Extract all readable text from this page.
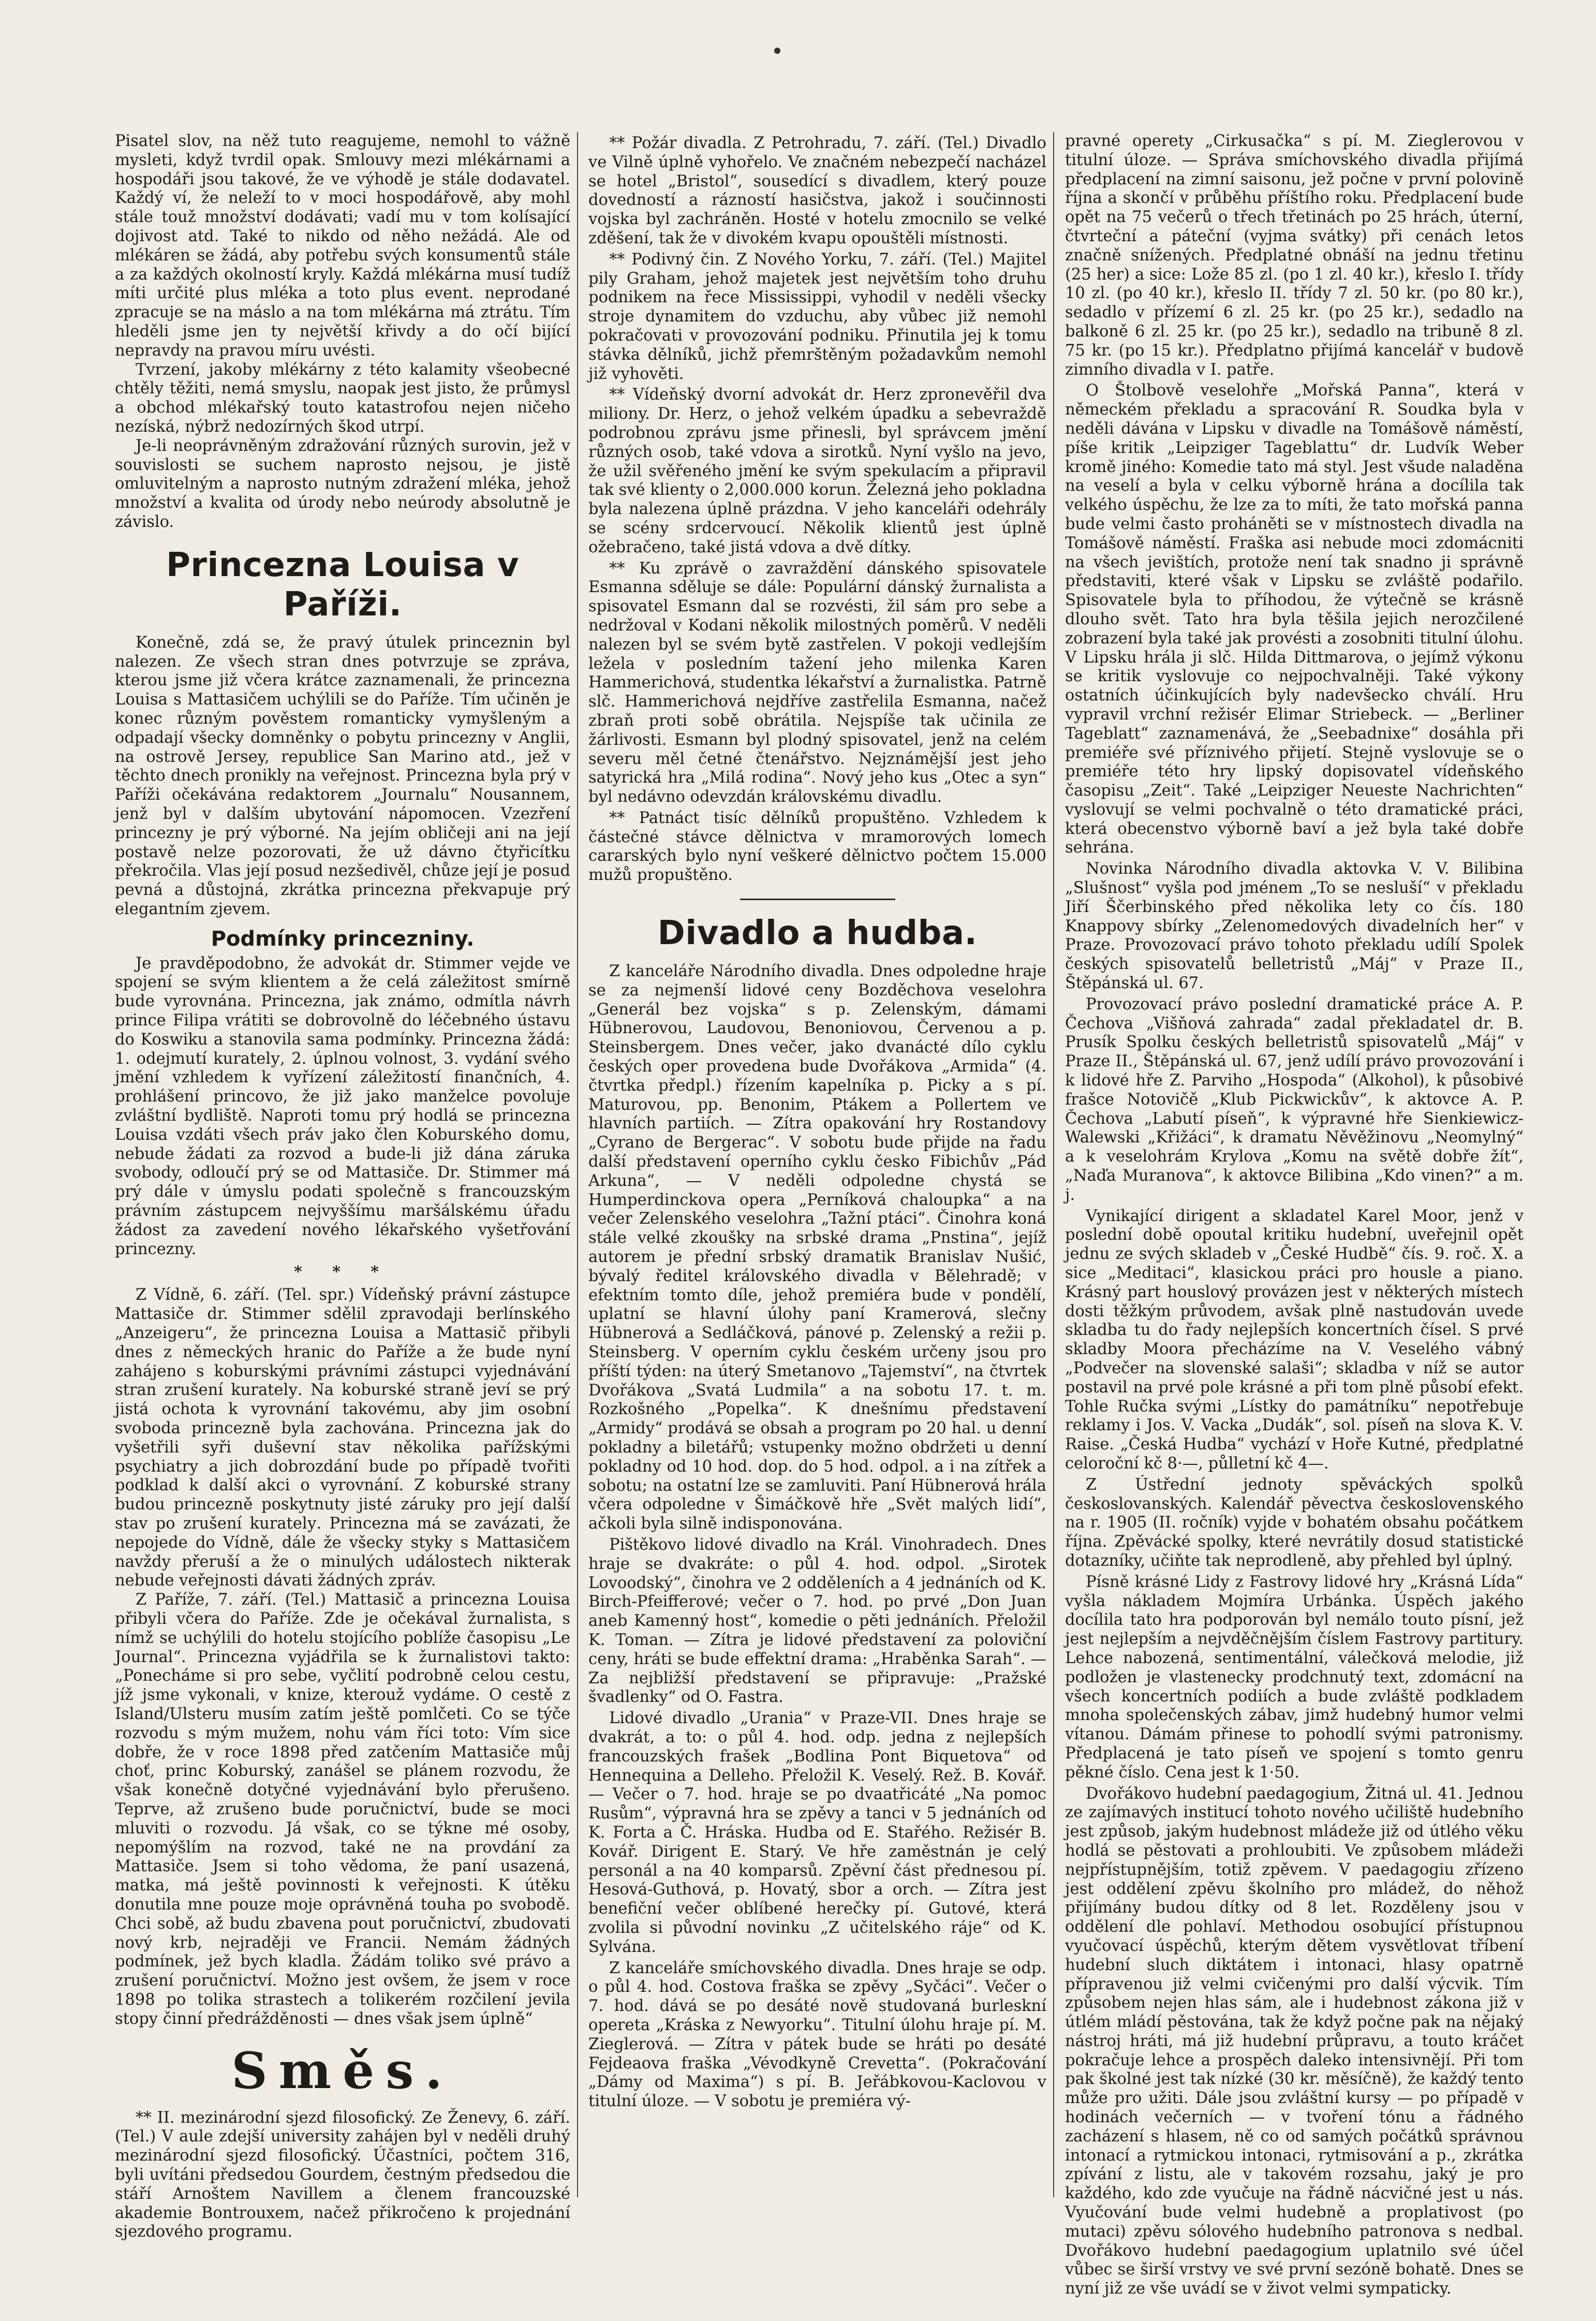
Pisatel slov, na něž tuto reagujeme, nemohl to vážně mysleti, když tvrdil opak. Smlouvy mezi mlékárnami a hospodáři jsou takové, že ve výhodě je stále dodavatel. Každý ví, že neleží to v moci hospodářově, aby mohl stále touž množství dodávati; vadí mu v tom kolísající dojivost atd. Také to nikdo od něho nežádá. Ale od mlékáren se žádá, aby potřebu svých konsumentů stále a za každých okolností kryly. Každá mlékárna musí tudíž míti určité plus mléka a toto plus event. neprodané zpracuje se na máslo a na tom mlékárna má ztrátu. Tím hleděli jsme jen ty největší křivdy a do očí bijící nepravdy na pravou míru uvésti.

Tvrzení, jakoby mlékárny z této kalamity všeobecné chtěly těžiti, nemá smyslu, naopak jest jisto, že průmysl a obchod mlékařský touto katastrofou nejen ničeho nezíská, nýbrž nedozírných škod utrpí.

Je-li neoprávněným zdražování různých surovin, jež v souvislosti se suchem naprosto nejsou, je jistě omluvitelným a naprosto nutným zdražení mléka, jehož množství a kvalita od úrody nebo neúrody absolutně je závislo.

Princezna Louisa v Paříži.

Konečně, zdá se, že pravý útulek princeznin byl nalezen. Ze všech stran dnes potvrzuje se zpráva, kterou jsme již včera krátce zaznamenali, že princezna Louisa s Mattasičem uchýlili se do Paříže. Tím učiněn je konec různým pověstem romanticky vymyšleným a odpadají všecky domněnky o pobytu princezny v Anglii, na ostrově Jersey, republice San Marino atd., jež v těchto dnech pronikly na veřejnost. Princezna byla prý v Paříži očekávána redaktorem „Journalu“ Nousannem, jenž byl v dalším ubytování nápomocen. Vzezření princezny je prý výborné. Na jejím obličeji ani na její postavě nelze pozorovati, že už dávno čtyřicítku překročila. Vlas její posud nezšedivěl, chůze její je posud pevná a důstojná, zkrátka princezna překvapuje prý elegantním zjevem.

Podmínky princezniny.

Je pravděpodobno, že advokát dr. Stimmer vejde ve spojení se svým klientem a že celá záležitost smírně bude vyrovnána. Princezna, jak známo, odmítla návrh prince Filipa vrátiti se dobrovolně do léčebného ústavu do Koswiku a stanovila sama podmínky. Princezna žádá: 1. odejmutí kuratelу, 2. úplnou volnost, 3. vydání svého jmění vzhledem k vyřízení záležitostí finančních, 4. prohlášení princovo, že již jako manželce povoluje zvláštní bydliště. Naproti tomu prý hodlá se princezna Louisa vzdáti všech práv jako člen Koburského domu, nebude žádati za rozvod a bude-li již dána záruka svobody, odloučí prý se od Mattasiče. Dr. Stimmer má prý dále v úmyslu podati společně s francouzským právním zástupcem nejvyššímu maršálskému úřadu žádost za zavedení nového lékařského vyšetřování princezny.

* * *

Z Vídně, 6. září. (Tel. spr.) Vídeňský právní zástupce Mattasiče dr. Stimmer sdělil zpravodaji berlínského „Anzeigeru“, že princezna Louisa a Mattasič přibyli dnes z německých hranic do Paříže a že bude nyní zahájeno s koburskými právními zástupci vyjednávání stran zrušení kuratelу. Na koburské straně jeví se prý jistá ochota k vyrovnání takovému, aby jim osobní svoboda princezně byla zachována. Princezna jak do vyšetřili syři duševní stav několika pařížskými psychiatry a jich dobrozdání bude po případě tvořiti podklad k další akci o vyrovnání. Z koburské strany budou princezně poskytnuty jisté záruky pro její další stav po zrušení kuratelу. Princezna má se zavázati, že nepojede do Vídně, dále že všecky styky s Mattasičem navždy přeruší a že o minulých událostech nikterak nebude veřejnosti dávati žádných zpráv.

Z Paříže, 7. září. (Tel.) Mattasič a princezna Louisa přibyli včera do Paříže. Zde je očekával žurnalista, s nímž se uchýlili do hotelu stojícího poblíže časopisu „Le Journal“. Princezna vyjádřila se k žurnalistovi takto: „Ponecháme si pro sebe, vyčlití podrobně celou cestu, jíž jsme vykonali, v knize, kterouž vydáme. O cestě z Island/Ulsteru musím zatím ještě pomlčeti. Co se týče rozvodu s mým mužem, nohu vám říci toto: Vím sice dobře, že v roce 1898 před zatčením Mattasiče můj choť, princ Koburský, zanášel se plánem rozvodu, že však konečně dotyčné vyjednávání bylo přerušeno. Teprve, až zrušeno bude poručnictví, bude se moci mluviti o rozvodu. Já však, co se týkne mé osoby, nepomýšlím na rozvod, také ne na provdání za Mattasiče. Jsem si toho vědoma, že paní usazená, matka, má ještě povinnosti k veřejnosti. K útěku donutila mne pouze moje oprávněná touha po svobodě. Chci sobě, až budu zbavena pout poručnictví, zbudovati nový krb, nejraději ve Francii. Nemám žádných podmínek, jež bych kladla. Žádám toliko své právo a zrušení poručnictví. Možno jest ovšem, že jsem v roce 1898 po tolika strastech a tolikerém rozčilení jevila stopy činní předrážděnosti — dnes však jsem úplně“

Směs.

** II. mezinárodní sjezd filosofický. Ze Ženevy, 6. září. (Tel.) V aule zdejší university zahájen byl v neděli druhý mezinárodní sjezd filosofický. Účastníci, počtem 316, byli uvítáni předsedou Gourdem, čestným předsedou die stáří Arnoštem Navillem a členem francouzské akademie Bontrouxem, načež přikročeno k projednání sjezdového programu.

** Požár divadla. Z Petrohradu, 7. září. (Tel.) Divadlo ve Vilně úplně vyhořelo. Ve značném nebezpečí nacházel se hotel „Bristol“, sousedící s divadlem, který pouze dovedností a rázností hasičstva, jakož i součinnosti vojska byl zachráněn. Hosté v hotelu zmocnilo se velké zděšení, tak že v divokém kvapu opouštěli místnosti.

** Podivný čin. Z Nového Yorku, 7. září. (Tel.) Majitel pily Graham, jehož majetek jest největším toho druhu podnikem na řece Mississippi, vyhodil v neděli všecky stroje dynamitem do vzduchu, aby vůbec již nemohl pokračovati v provozování podniku. Přinutila jej k tomu stávka dělníků, jichž přemrštěným požadavkům nemohl již vyhověti.

** Vídeňský dvorní advokát dr. Herz zpronevěřil dva miliony. Dr. Herz, o jehož velkém úpadku a sebevraždě podrobnou zprávu jsme přinesli, byl správcem jmění různých osob, také vdova a sirotků. Nyní vyšlo na jevo, že užil svěřeného jmění ke svým spekulacím a připravil tak své klienty o 2,000.000 korun. Železná jeho pokladna byla nalezena úplně prázdna. V jeho kanceláři odehrály se scény srdcervoucí. Několik klientů jest úplně ožebračeno, také jistá vdova a dvě dítky.

** Ku zprávě o zavraždění dánského spisovatele Esmanna sděluje se dále: Populární dánský žurnalista a spisovatel Esmann dal se rozvésti, žil sám pro sebe a nedržoval v Kodani několik milostných poměrů. V neděli nalezen byl se svém bytě zastřelen. V pokoji vedlejším ležela v posledním tažení jeho milenka Karen Hammerichová, studentka lékařství a žurnalistka. Patrně slč. Hammerichová nejdříve zastřelila Esmanna, načež zbraň proti sobě obrátila. Nejspíše tak učinila ze žárlivosti. Esmann byl plodný spisovatel, jenž na celém severu měl četné čtenářstvo. Nejznámější jest jeho satyrická hra „Milá rodina“. Nový jeho kus „Otec a syn“ byl nedávno odevzdán královskému divadlu.

** Patnáct tisíc dělníků propuštěno. Vzhledem k částečné stávce dělnictva v mramorových lomech cararských bylo nyní veškeré dělnictvo počtem 15.000 mužů propuštěno.

Divadlo a hudba.

Z kanceláře Národního divadla. Dnes odpoledne hraje se za nejmenší lidové ceny Bozděchova veselohra „Generál bez vojska“ s p. Zelenským, dámami Hübnerovou, Laudovou, Benoniovou, Červenou a p. Steinsbergem. Dnes večer, jako dvanácté dílo cyklu českých oper provedena bude Dvořákova „Armida“ (4. čtvrtka předpl.) řízením kapelníka p. Picky a s pí. Maturovou, pp. Benonim, Ptákem a Pollertem ve hlavních partiích. — Zítra opakování hry Rostandovy „Cyrano de Bergerac“. V sobotu bude přijde na řadu další představení operního cyklu česko Fibichův „Pád Arkuna“, — V neděli odpoledne chystá se Humperdinckova opera „Perníková chaloupka“ a na večer Zelenského veselohra „Tažní ptáci“. Činohra koná stále velké zkoušky na srbské drama „Pnstina“, jejíž autorem je přední srbský dramatik Branislav Nušić, bývalý ředitel královského divadla v Bělehradě; v efektním tomto díle, jehož premiéra bude v pondělí, uplatní se hlavní úlohy paní Kramerová, slečny Hübnerová a Sedláčková, pánové p. Zelenský a režii p. Steinsberg. V operním cyklu českém určeny jsou pro příští týden: na úterý Smetanovo „Tajemství“, na čtvrtek Dvořákova „Svatá Ludmila“ a na sobotu 17. t. m. Rozkošného „Popelka“. K dnešnímu představení „Armidy“ prodává se obsah a program po 20 hal. u denní pokladny a biletářů; vstupenky možno obdržeti u denní pokladny od 10 hod. dop. do 5 hod. odpol. a i na zítřek a sobotu; na ostatní lze se zamluviti. Paní Hübnerová hrála včera odpoledne v Šimáčkově hře „Svět malých lidí“, ačkoli byla silně indisponována.

Pištěkovo lidové divadlo na Král. Vinohradech. Dnes hraje se dvakráte: o půl 4. hod. odpol. „Sirotek Lovoodský“, činohra ve 2 odděleních a 4 jednáních od K. Birch-Pfeifferové; večer o 7. hod. po prvé „Don Juan aneb Kamenný host“, komedie o pěti jednáních. Přeložil K. Toman. — Zítra je lidové představení za poloviční ceny, hráti se bude effektní drama: „Hraběnka Sarah“. — Za nejbližší představení se připravuje: „Pražské švadlenky“ od O. Fastra.

Lidové divadlo „Urania“ v Praze-VII. Dnes hraje se dvakrát, a to: o půl 4. hod. odp. jedna z nejlepších francouzských frašek „Bodlina Pont Biquetova“ od Hennequina a Delleho. Přeložil K. Veselý. Rež. B. Kovář. — Večer o 7. hod. hraje se po dvaatřicáté „Na pomoc Rusům“, výpravná hra se zpěvy a tanci v 5 jednáních od K. Forta a Č. Hráska. Hudba od E. Stařého. Režisér B. Kovář. Dirigent E. Starý. Ve hře zaměstnán je celý personál a na 40 komparsů. Zpěvní část přednesou pí. Hesová-Guthová, p. Hovatý, sbor a orch. — Zítra jest benefiční večer oblíbené herečky pí. Gutové, která zvolila si původní novinku „Z učitelského ráje“ od K. Sylvána.

Z kanceláře smíchovského divadla. Dnes hraje se odp. o půl 4. hod. Costova fraška se zpěvy „Syčáci“. Večer o 7. hod. dává se po desáté nově studovaná burleskní opereta „Kráska z Newyorku“. Titulní úlohu hraje pí. M. Zieglerová. — Zítra v pátek bude se hráti po desáté Fejdeaova fraška „Vévodkyně Crevetta“. (Pokračování „Dámy od Maxima“) s pí. B. Jeřábkovou-Kaclovou v titulní úloze. — V sobotu je premiéra vý-

pravné operety „Cirkusačka“ s pí. M. Zieglerovou v titulní úloze. — Správa smíchovského divadla přijímá předplacení na zimní saisonu, jež počne v první polovině října a skončí v průběhu příštího roku. Předplacení bude opět na 75 večerů o třech třetinách po 25 hrách, úterní, čtvrteční a páteční (vyjma svátky) při cenách letos značně snížených. Předplatné obnáší na jednu třetinu (25 her) a sice: Lože 85 zl. (po 1 zl. 40 kr.), křeslo I. třídy 10 zl. (po 40 kr.), křeslo II. třídy 7 zl. 50 kr. (po 80 kr.), sedadlo v přízemí 6 zl. 25 kr. (po 25 kr.), sedadlo na balkoně 6 zl. 25 kr. (po 25 kr.), sedadlo na tribuně 8 zl. 75 kr. (po 15 kr.). Předplatno přijímá kancelář v budově zimního divadla v I. patře.

O Štolbově veselohře „Mořská Panna“, která v německém překladu a spracování R. Soudka byla v neděli dávána v Lipsku v divadle na Tomášově náměstí, píše kritik „Leipziger Tageblattu“ dr. Ludvík Weber kromě jiného: Komedie tato má styl. Jest všude naladěna na veselí a byla v celku výborně hrána a docílila tak velkého úspěchu, že lze za to míti, že tato mořská panna bude velmi často proháněti se v místnostech divadla na Tomášově náměstí. Fraška asi nebude moci zdomácniti na všech jevištích, protože není tak snadno ji správně představiti, které však v Lipsku se zvláště podařilo. Spisovatele byla to příhodou, že výtečně se krásně dlouho svět. Tato hra byla těšila jejich nerozčilené zobrazení byla také jak provésti a zosobniti titulní úlohu. V Lipsku hrála ji slč. Hilda Dittmarova, o jejímž výkonu se kritik vyslovuje co nejpochvalněji. Také výkony ostatních účinkujících byly nadevšecko chválí. Hru vypravil vrchní režisér Elimar Striebeck. — „Berliner Tageblatt“ zaznamenává, že „Seebadnixe“ dosáhla při premiéře své příznivého přijetí. Stejně vyslovuje se o premiéře této hry lipský dopisovatel vídeňského časopisu „Zeit“. Také „Leipziger Neueste Nachrichten“ vyslovují se velmi pochvalně o této dramatické práci, která obecenstvo výborně baví a jež byla také dobře sehrána.

Novinka Národního divadla aktovka V. V. Bilibina „Slušnost“ vyšla pod jménem „To se nesluší“ v překladu Jiří Ščerbinského před několika lety co čís. 180 Knappovy sbírky „Zelenomedových divadelních her“ v Praze. Provozovací právo tohoto překladu udílí Spolek českých spisovatelů belletristů „Máj“ v Praze II., Štěpánská ul. 67.

Provozovací právo poslední dramatické práce A. P. Čechova „Višňová zahrada“ zadal překladatel dr. B. Prusík Spolku českých belletristů spisovatelů „Máj“ v Praze II., Štěpánská ul. 67, jenž udílí právo provozování i k lidové hře Z. Parviho „Hospoda“ (Alkohol), k působivé frašce Notovičě „Klub Pickwickův“, k aktovce A. P. Čechova „Labutí píseň“, k výpravné hře Sienkiewicz-Walewski „Křižáci“, k dramatu Něvěžinovu „Neomylný“ a k veselohrám Krylova „Komu na světě dobře žít“, „Naďa Muranova“, k aktovce Bilibina „Kdo vinen?“ a m. j.

Vynikající dirigent a skladatel Karel Moor, jenž v poslední době opoutal kritiku hudební, uveřejnil opět jednu ze svých skladeb v „České Hudbě“ čís. 9. roč. X. a sice „Meditaci“, klasickou práci pro housle a piano. Krásný part houslový provázen jest v některých místech dosti těžkým průvodem, avšak plně nastudován uvede skladba tu do řady nejlepších koncertních čísel. S prvé skladby Moora přecházíme na V. Veselého vábný „Podvečer na slovenské salaši“; skladba v níž se autor postavil na prvé pole krásné a při tom plně působí efekt. Tohle Ručka svými „Lístky do památníku“ nepotřebuje reklamy i Jos. V. Vacka „Dudák“, sol. píseň na slova K. V. Raise. „Česká Hudba“ vychází v Hoře Kutné, předplatné celoroční kč 8·—, půlletní kč 4—.

Z Ústřední jednoty spěváckých spolků českoslovanských. Kalendář pěvectva československého na r. 1905 (II. ročník) vyjde v bohatém obsahu počátkem října. Zpěvácké spolky, které nevrátily dosud statistické dotazníky, učiňte tak neprodleně, aby přehled byl úplný.

Písně krásné Lidy z Fastrovy lidové hry „Krásná Lída“ vyšla nákladem Mojmíra Urbánka. Úspěch jakého docílila tato hra podporován byl nemálo touto písní, jež jest nejlepším a nejvděčnějším číslem Fastrovy partitury. Lehce nabozená, sentimentální, válečková melodie, již podložen je vlastenecky prodchnutý text, zdomácní na všech koncertních podiích a bude zvláště podkladem mnoha společenských zábav, jimž hudebný humor velmi vítanou. Dámám přinese to pohodlí svými patronismy. Předplacená je tato píseň ve spojení s tomto genru pěkné číslo. Cena jest k 1·50.

Dvořákovo hudební paedagogium, Žitná ul. 41. Jednou ze zajímavých institucí tohoto nového učiliště hudebního jest způsob, jakým hudebnost mládeže již od útlého věku hodlá se pěstovati a prohloubiti. Ve způsobem mládeži nejpřístupnějším, totiž zpěvem. V paedagogiu zřízeno jest oddělení zpěvu školního pro mládež, do něhož přijímány budou dítky od 8 let. Rozděleny jsou v oddělení dle pohlaví. Methodou osobující přístupnou vyučovací úspěchů, kterým dětem vysvětlovat tříbení hudební sluch diktátem i intonaci, hlasy opatrně přípravenou již velmi cvičenými pro další výcvik. Tím způsobem nejen hlas sám, ale i hudebnost zákona již v útlém mládí pěstována, tak že když počne pak na nějaký nástroj hráti, má již hudební průpravu, a touto kráčet pokračuje lehce a prospěch daleko intensivnějí. Při tom pak školné jest tak nízké (30 kr. měsíčně), že každý tento může pro užiti. Dále jsou zvláštní kursy — po případě v hodinách večerních — v tvoření tónu a řádného zacházení s hlasem, ně co od samých počátků správnou intonací a rytmickou intonaci, rytmisování a p., zkrátka zpívání z listu, ale v takovém rozsahu, jaký je pro každého, kdo zde vyučuje na řádně nácvičné jest u nás. Vyučování bude velmi hudebně a proplativost (po mutaci) zpěvu sólového hudebního patronova s nedbal. Dvořákovo hudební paedagogium uplatnilo své účel vůbec se širší vrstvy ve své první sezóně bohatě. Dnes se nyní již ze vše uvádí se v život velmi sympaticky.
